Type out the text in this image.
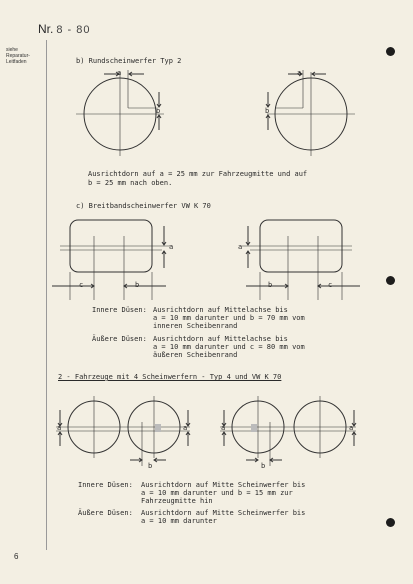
Nr. 8 - 80
siehe Reparatur-Leitfaden	b) Rundscheinwerfer Typ 2
a
b
a
b
a
c	b
a
b	c
a	a
b
a	a
b
Ausrichtdorn auf a = 25 mm zur Fahrzeugmitte und auf
b = 25 mm nach oben.
c) Breitbandscheinwerfer VW K 70
Innere Düsen: Ausrichtdorn auf Mittelachse bis
a = 10 mm darunter und b = 70 mm vom
inneren Scheibenrand
Äußere Düsen: Ausrichtdorn auf Mittelachse bis
a = 10 mm darunter und c = 80 mm vom
äußeren Scheibenrand
2 - Fahrzeuge mit 4 Scheinwerfern - Typ 4 und VW K 70
Innere Düsen: Ausrichtdorn auf Mitte Scheinwerfer bis
a = 10 mm darunter und b = 15 mm zur
Fahrzeugmitte hin
Äußere Düsen: Ausrichtdorn auf Mitte Scheinwerfer bis
a = 10 mm darunter
6
